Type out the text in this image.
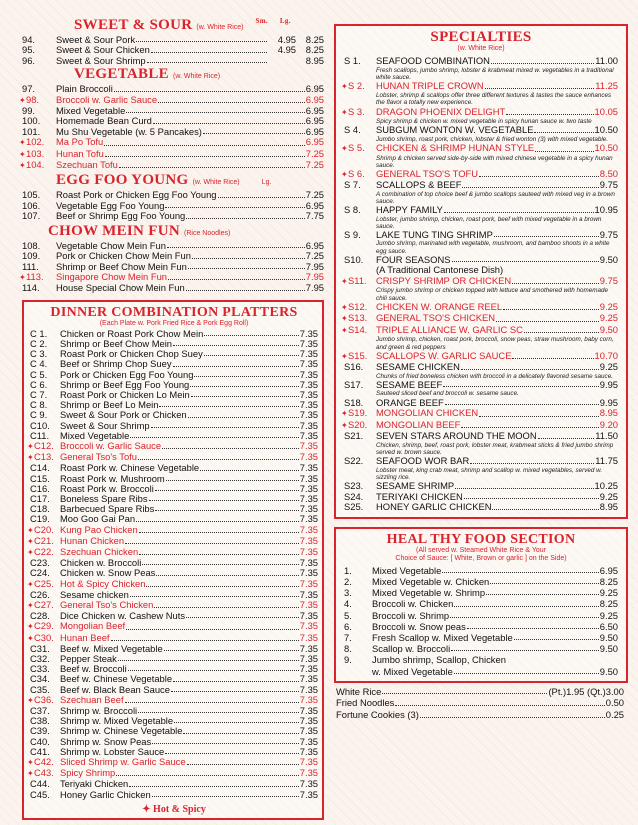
SWEET & SOUR (w. White Rice)
Sm. Lg.
94.	Sweet & Sour Pork	4.95	8.25
95.	Sweet & Sour Chicken	4.95	8.25
96.	Sweet & Sour Shrimp	8.95
VEGETABLE (w. White Rice)
97.	Plain Broccoli	6.95
✦98.	Broccoli w. Garlic Sauce	6.95
99.	Mixed Vegetable	6.95
100.	Homemade Bean Curd	6.95
101.	Mu Shu Vegetable (w. 5 Pancakes)	6.95
✦102.	Ma Po Tofu	6.95
✦103.	Hunan Tofu	7.25
✦104.	Szechuan Tofu	7.25
EGG FOO YOUNG (w. White Rice)	Lg.
105.	Roast Pork or Chicken Egg Foo Young	7.25
106.	Vegetable Egg Foo Young	6.95
107.	Beef or Shrimp Egg Foo Young	7.75
CHOW MEIN FUN (Rice Noodles)
108.	Vegetable Chow Mein Fun	6.95
109.	Pork or Chicken Chow Mein Fun	7.25
111.	Shrimp or Beef Chow Mein Fun	7.95
✦113.	Singapore Chow Mein Fun	7.95
114.	House Special Chow Mein Fun	7.95
DINNER COMBINATION PLATTERS
(Each Plate w. Pork Fried Rice & Pork Egg Roll)
C 1.	Chicken or Roast Pork Chow Mein	7.35
C 2.	Shrimp or Beef Chow Mein	7.35
C 3.	Roast Pork or Chicken Chop Suey	7.35
C 4.	Beef or Shrimp Chop Suey	7.35
C 5.	Pork or Chicken Egg Foo Young	7.35
C 6.	Shrimp or Beef Egg Foo Young	7.35
C 7.	Roast Pork or Chicken Lo Mein	7.35
C 8.	Shrimp or Beef Lo Mein	7.35
C 9.	Sweet & Sour Pork or Chicken	7.35
C10.	Sweet & Sour Shrimp	7.35
C11.	Mixed Vegetable	7.35
✦C12. Broccoli w. Garlic Sauce	7.35
✦C13. General Tso's Tofu	7.35
C14.	Roast Pork w. Chinese Vegetable	7.35
C15.	Roast Pork w. Mushroom	7.35
C16.	Roast Pork w. Broccoli	7.35
C17.	Boneless Spare Ribs	7.35
C18.	Barbecued Spare Ribs	7.35
C19.	Moo Goo Gai Pan	7.35
✦C20. Kung Pao Chicken	7.35
✦C21. Hunan Chicken	7.35
✦C22. Szechuan Chicken	7.35
C23.	Chicken w. Broccoli	7.35
C24.	Chicken w. Snow Peas	7.35
✦C25. Hot & Spicy Chicken	7.35
C26.	Sesame chicken	7.35
✦C27. General Tso's Chicken	7.35
C28.	Dice Chicken w. Cashew Nuts	7.35
✦C29. Mongolian Beef	7.35
✦C30. Hunan Beef	7.35
C31.	Beef w. Mixed Vegetable	7.35
C32.	Pepper Steak	7.35
C33.	Beef w. Broccoli	7.35
C34.	Beef w. Chinese Vegetable	7.35
C35.	Beef w. Black Bean Sauce	7.35
✦C36. Szechuan Beef	7.35
C37.	Shrimp w. Broccoli	7.35
C38.	Shrimp w. Mixed Vegetable	7.35
C39.	Shrimp w. Chinese Vegetable	7.35
C40.	Shrimp w. Snow Peas	7.35
C41.	Shrimp w. Lobster Sauce	7.35
✦C42. Sliced Shrimp w. Garlic Sauce	7.35
✦C43. Spicy Shrimp	7.35
C44.	Teriyaki Chicken	7.35
C45.	Honey Garlic Chicken	7.35
✦ Hot & Spicy
SPECIALTIES
(w. White Rice)
S 1.	SEAFOOD COMBINATION	11.00
Fresh scallops, jumbo shrimp, lobster & krabmeat mixed w. vegetables in a traditional white sauce.
✦S 2.	HUNAN TRIPLE CROWN	11.25
Lobster, shrimp & scallops offer three different textures & tastes the sauce enhances the flavor a totally new experience.
✦S 3.	DRAGON PHOENIX DELIGHT	10.05
Spicy shrimp & chicken w. mixed vegetable in spicy hunan sauce w. two taste
S 4.	SUBGUM WONTON W. VEGETABLE	10.50
Jumbo shrimp, roast pork, chicken, lobster & fried wonton (3) with mixed vegetable.
✦S 5.	CHICKEN & SHRIMP HUNAN STYLE	10.50
Shrimp & chicken served side-by-side with mixed chinese vegetable in a spicy hunan sauce.
✦S 6.	GENERAL TSO'S TOFU	8.50
S 7.	SCALLOPS & BEEF	9.75
A combination of top choice beef & jumbo scallops sauteed with mixed veg in a brown sauce.
S 8.	HAPPY FAMILY	10.95
Lobster, jumbo shrimp, chicken, roast pork, beef with mixed vegetable in a brown sauce.
S 9.	LAKE TUNG TING SHRIMP	9.75
Jumbo shrimp, marinated with vegetable, mushroom, and bamboo shoots in a white egg sauce.
S10.	FOUR SEASONS	9.50
(A Traditional Cantonese Dish)
✦S11.	CRISPY SHRIMP OR CHICKEN	9.75
Crispy jumbo shrimp or chicken topped with lettuce and smothered with homemade chili sauce.
✦S12. CHICKEN W. ORANGE REEL	9.25
✦S13. GENERAL TSO'S CHICKEN	9.25
✦S14. TRIPLE ALLIANCE W. GARLIC SC	9.50
Jumbo shrimp, chicken, roast pork, broccoli, snow peas, straw mushroom, baby corn, and green & red peppers
✦S15. SCALLOPS W. GARLIC SAUCE	10.70
S16.	SESAME CHICKEN	9.25
Chunks of fried boneless chicken with broccoli in a delicately flavored sesame sauce.
S17.	SESAME BEEF	9.95
Sauteed sliced beef and broccoli w. sesame sauce.
S18.	ORANGE BEEF	9.95
✦S19. MONGOLIAN CHICKEN	8.95
✦S20. MONGOLIAN BEEF	9.20
S21.	SEVEN STARS AROUND THE MOON	11.50
Chicken, shrimp, beef, roast pork, lobster meat, krabmeat sticks & fried jumbo shrimp served w. brown sauce.
S22.	SEAFOOD WOR BAR	11.75
Lobster meat, king crab meat, shrimp and scallop w. mixed vegetables, served w. sizzling rice.
S23.	SESAME SHRIMP	10.25
S24.	TERIYAKI CHICKEN	9.25
S25.	HONEY GARLIC CHICKEN	8.95
HEAL THY FOOD SECTION
(All served w. Steamed White Rice & Your
Choice of Sauce: [ White, Brown or garlic ] on the Side)
1.	Mixed Vegetable	6.95
2.	Mixed Vegetable w. Chicken	8.25
3.	Mixed Vegetable w. Shrimp	9.25
4.	Broccoli w. Chicken	8.25
5.	Broccoli w. Shrimp	9.25
6.	Broccoli w. Snow peas	6.50
7.	Fresh Scallop w. Mixed Vegetable	9.50
8.	Scallop w. Broccoli	9.50
9.	Jumbo shrimp, Scallop, Chicken
w. Mixed Vegetable	9.50
White Rice	(Pt.)1.95 (Qt.)3.00
Fried Noodles	0.50
Fortune Cookies (3)	0.25
